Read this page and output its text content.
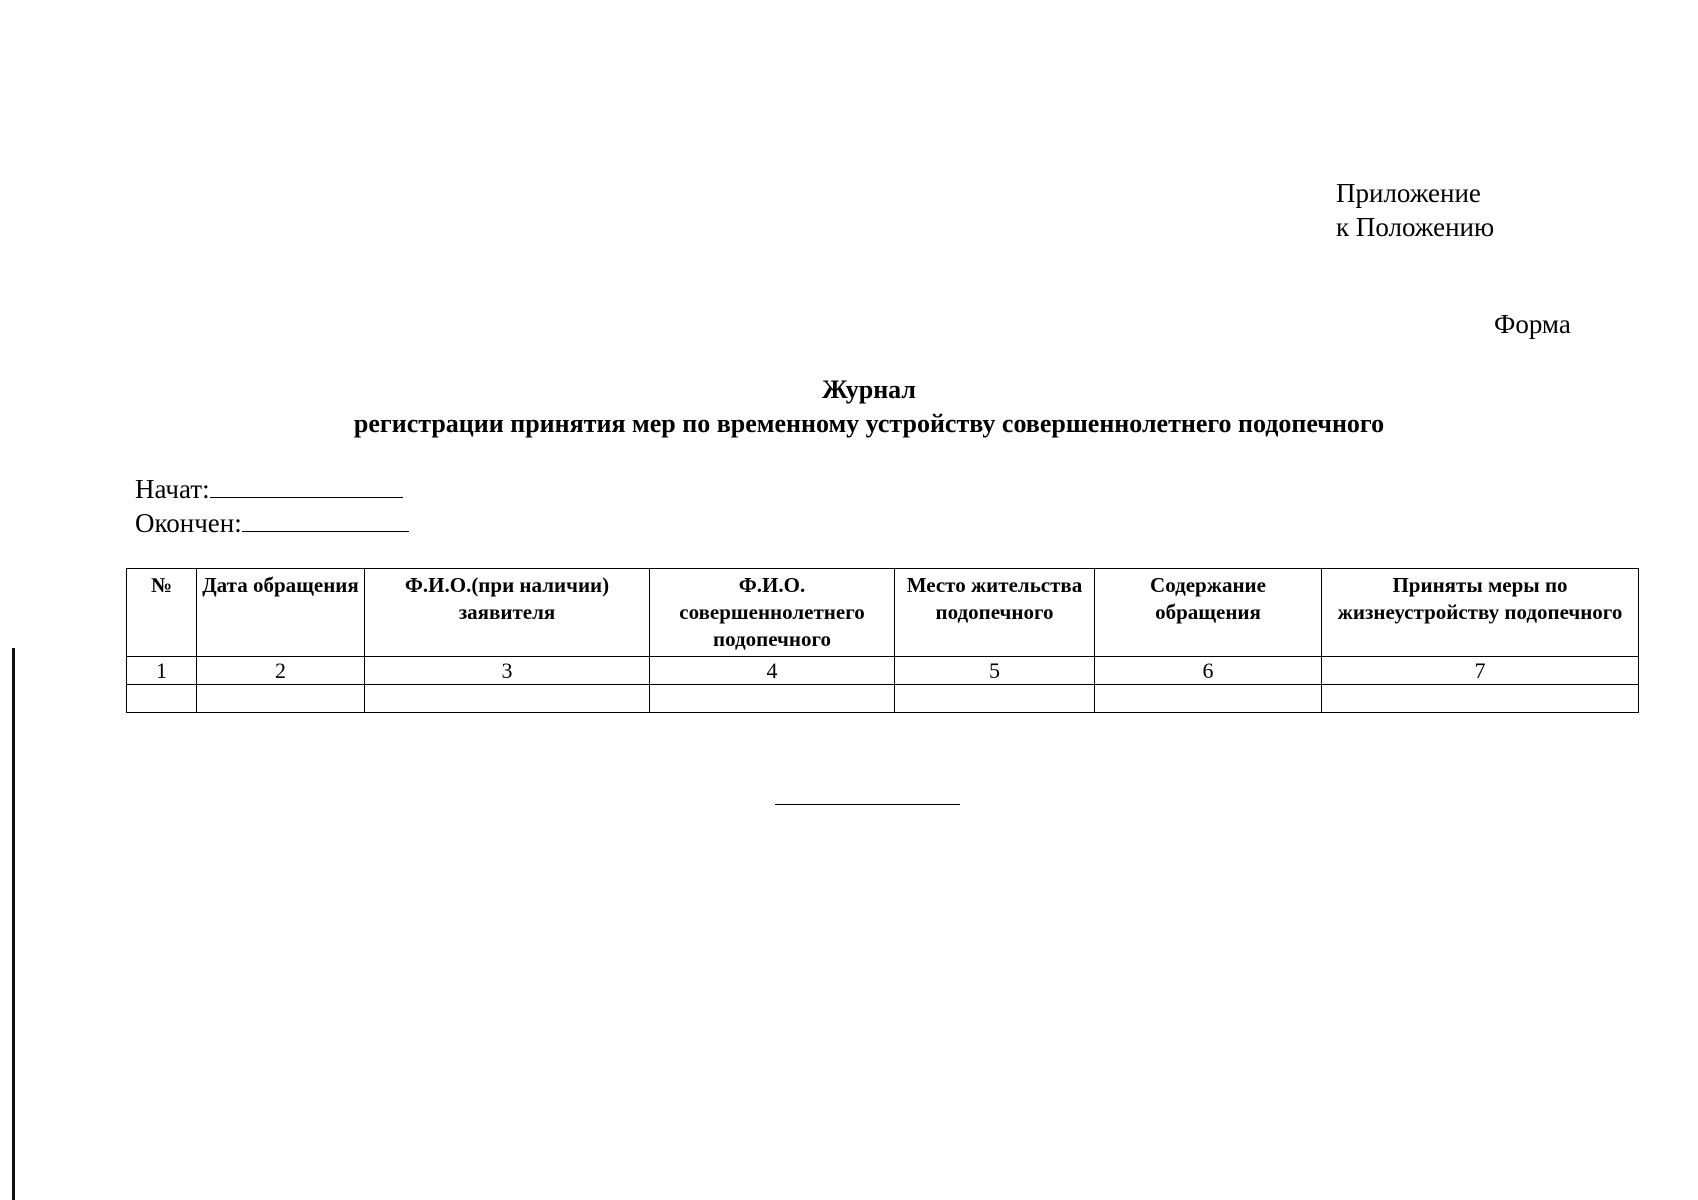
Приложение
к Положению
Форма
Журнал
регистрации принятия мер по временному устройству совершеннолетнего подопечного
Начат:
Окончен:
№	Дата обращения	Ф.И.О.(при наличии) заявителя	Ф.И.О. совершеннолетнего подопечного	Место жительства подопечного	Содержание обращения	Приняты меры по жизнеустройству подопечного
1	2	3	4	5	6	7
